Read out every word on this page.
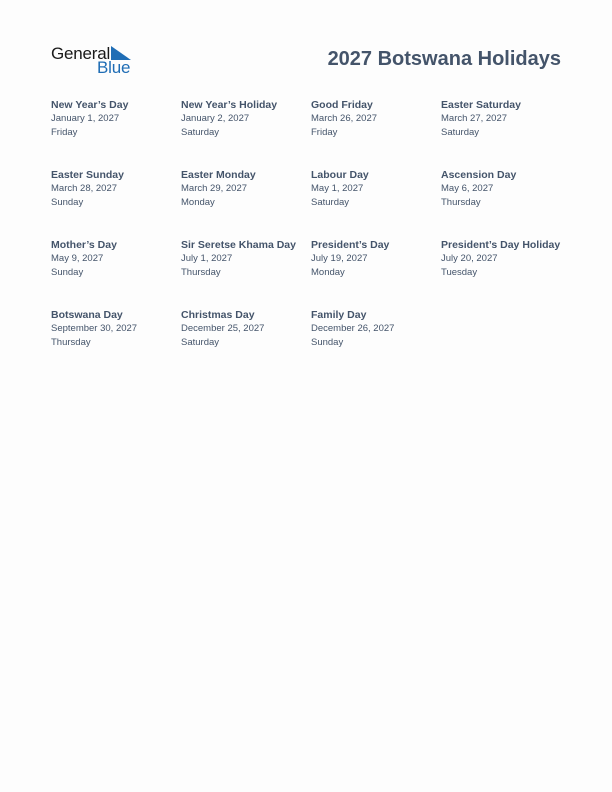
General
Blue	2027 Botswana Holidays
New Year’s Day
January 1, 2027
Friday
New Year’s Holiday
January 2, 2027
Saturday
Good Friday
March 26, 2027
Friday
Easter Saturday
March 27, 2027
Saturday
Easter Sunday
March 28, 2027
Sunday
Easter Monday
March 29, 2027
Monday
Labour Day
May 1, 2027
Saturday
Ascension Day
May 6, 2027
Thursday
Mother’s Day
May 9, 2027
Sunday
Sir Seretse Khama Day
July 1, 2027
Thursday
President’s Day
July 19, 2027
Monday
President’s Day Holiday
July 20, 2027
Tuesday
Botswana Day
September 30, 2027
Thursday
Christmas Day
December 25, 2027
Saturday
Family Day
December 26, 2027
Sunday
